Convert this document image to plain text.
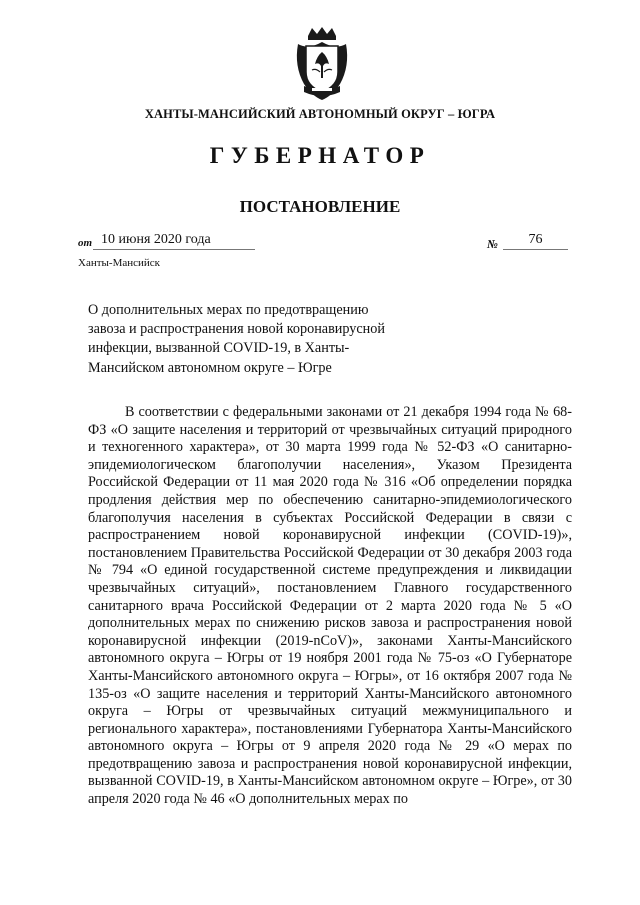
ХАНТЫ-МАНСИЙСКИЙ АВТОНОМНЫЙ ОКРУГ – ЮГРА
ГУБЕРНАТОР
ПОСТАНОВЛЕНИЕ
от 10 июня 2020 года	№	76
Ханты-Мансийск
О дополнительных мерах по предотвращению завоза и распространения новой коронавирусной инфекции, вызванной COVID-19, в Ханты-Мансийском автономном округе – Югре

В соответствии с федеральными законами от 21 декабря 1994 года № 68-ФЗ «О защите населения и территорий от чрезвычайных ситуаций природного и техногенного характера», от 30 марта 1999 года № 52-ФЗ «О санитарно-эпидемиологическом благополучии населения», Указом Президента Российской Федерации от 11 мая 2020 года № 316 «Об определении порядка продления действия мер по обеспечению санитарно-эпидемиологического благополучия населения в субъектах Российской Федерации в связи с распространением новой коронавирусной инфекции (COVID-19)», постановлением Правительства Российской Федерации от 30 декабря 2003 года № 794 «О единой государственной системе предупреждения и ликвидации чрезвычайных ситуаций», постановлением Главного государственного санитарного врача Российской Федерации от 2 марта 2020 года № 5 «О дополнительных мерах по снижению рисков завоза и распространения новой коронавирусной инфекции (2019-nCoV)», законами Ханты-Мансийского автономного округа – Югры от 19 ноября 2001 года № 75-оз «О Губернаторе Ханты-Мансийского автономного округа – Югры», от 16 октября 2007 года № 135-оз «О защите населения и территорий Ханты-Мансийского автономного округа – Югры от чрезвычайных ситуаций межмуниципального и регионального характера», постановлениями Губернатора Ханты-Мансийского автономного округа – Югры от 9 апреля 2020 года № 29 «О мерах по предотвращению завоза и распространения новой коронавирусной инфекции, вызванной COVID-19, в Ханты-Мансийском автономном округе – Югре», от 30 апреля 2020 года № 46 «О дополнительных мерах по
